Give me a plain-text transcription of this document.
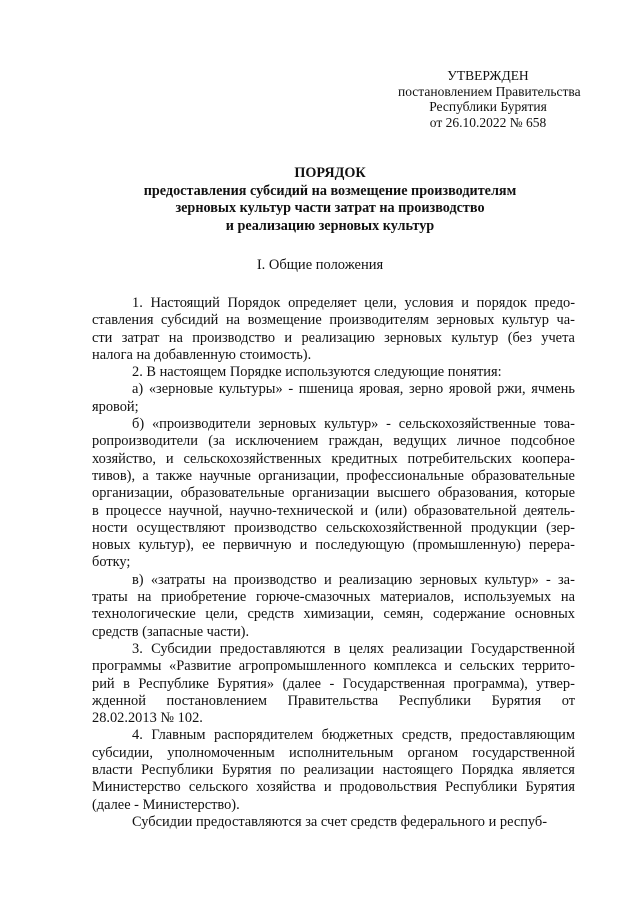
УТВЕРЖДЕН
постановлением Правительства
Республики Бурятия
от 26.10.2022 № 658
ПОРЯДОК
предоставления субсидий на возмещение производителям
зерновых культур части затрат на производство
и реализацию зерновых культур
I. Общие положения
1. Настоящий Порядок определяет цели, условия и порядок предо-
ставления субсидий на возмещение производителям зерновых культур ча-
сти затрат на производство и реализацию зерновых культур (без учета
налога на добавленную стоимость).
2. В настоящем Порядке используются следующие понятия:
а) «зерновые культуры» - пшеница яровая, зерно яровой ржи, ячмень
яровой;
б) «производители зерновых культур» - сельскохозяйственные това-
ропроизводители (за исключением граждан, ведущих личное подсобное
хозяйство, и сельскохозяйственных кредитных потребительских коопера-
тивов), а также научные организации, профессиональные образовательные
организации, образовательные организации высшего образования, которые
в процессе научной, научно-технической и (или) образовательной деятель-
ности осуществляют производство сельскохозяйственной продукции (зер-
новых культур), ее первичную и последующую (промышленную) перера-
ботку;
в) «затраты на производство и реализацию зерновых культур» - за-
траты на приобретение горюче-смазочных материалов, используемых на
технологические цели, средств химизации, семян, содержание основных
средств (запасные части).
3. Субсидии предоставляются в целях реализации Государственной
программы «Развитие агропромышленного комплекса и сельских террито-
рий в Республике Бурятия» (далее - Государственная программа), утвер-
жденной постановлением Правительства Республики Бурятия от
28.02.2013 № 102.
4. Главным распорядителем бюджетных средств, предоставляющим
субсидии, уполномоченным исполнительным органом государственной
власти Республики Бурятия по реализации настоящего Порядка является
Министерство сельского хозяйства и продовольствия Республики Бурятия
(далее - Министерство).
Субсидии предоставляются за счет средств федерального и респуб-
